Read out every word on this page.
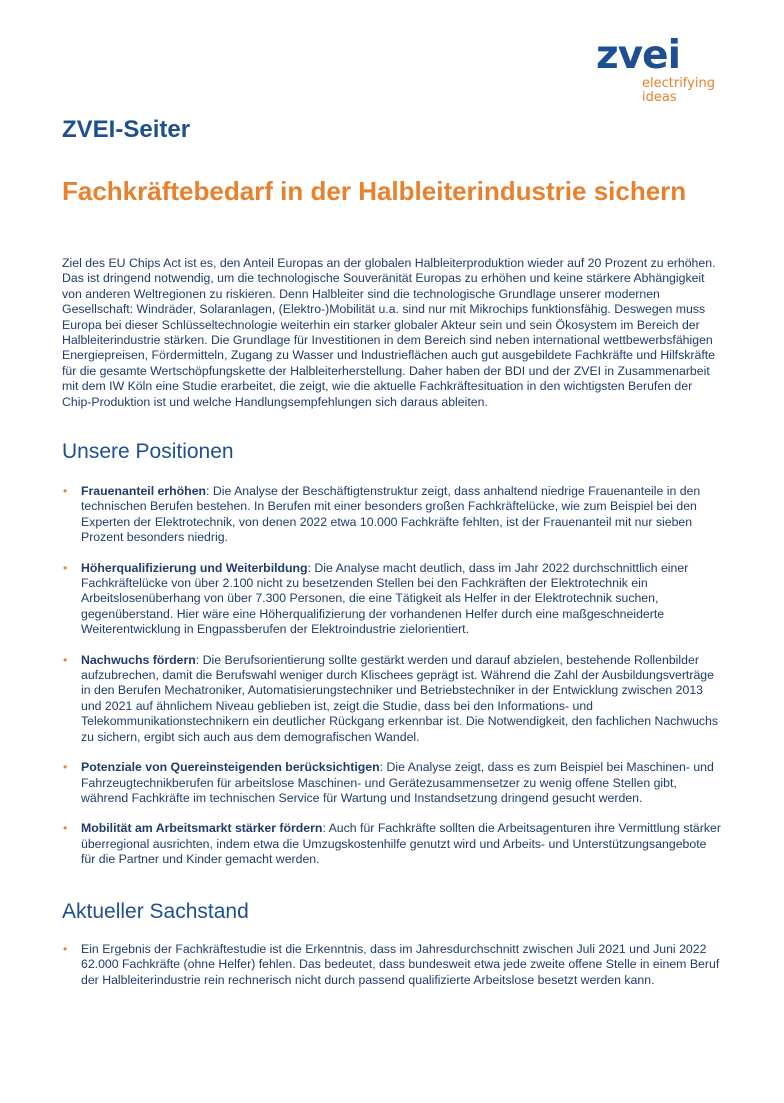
zvei
electrifying
ideas
ZVEI-Seiter
Fachkräftebedarf in der Halbleiterindustrie sichern

Ziel des EU Chips Act ist es, den Anteil Europas an der globalen Halbleiterproduktion wieder auf 20 Prozent zu erhöhen. Das ist dringend notwendig, um die technologische Souveränität Europas zu erhöhen und keine stärkere Abhängigkeit von anderen Weltregionen zu riskieren. Denn Halbleiter sind die technologische Grundlage unserer modernen Gesellschaft: Windräder, Solaranlagen, (Elektro-)Mobilität u.a. sind nur mit Mikrochips funktionsfähig. Deswegen muss Europa bei dieser Schlüsseltechnologie weiterhin ein starker globaler Akteur sein und sein Ökosystem im Bereich der Halbleiterindustrie stärken. Die Grundlage für Investitionen in dem Bereich sind neben international wettbewerbsfähigen Energiepreisen, Fördermitteln, Zugang zu Wasser und Industrieflächen auch gut ausgebildete Fachkräfte und Hilfskräfte für die gesamte Wertschöpfungskette der Halbleiterherstellung. Daher haben der BDI und der ZVEI in Zusammenarbeit mit dem IW Köln eine Studie erarbeitet, die zeigt, wie die aktuelle Fachkräftesituation in den wichtigsten Berufen der Chip-Produktion ist und welche Handlungsempfehlungen sich daraus ableiten.

Unsere Positionen
• Frauenanteil erhöhen: Die Analyse der Beschäftigtenstruktur zeigt, dass anhaltend niedrige Frauenanteile in den technischen Berufen bestehen. In Berufen mit einer besonders großen Fachkräftelücke, wie zum Beispiel bei den Experten der Elektrotechnik, von denen 2022 etwa 10.000 Fachkräfte fehlten, ist der Frauenanteil mit nur sieben Prozent besonders niedrig.
• Höherqualifizierung und Weiterbildung: Die Analyse macht deutlich, dass im Jahr 2022 durchschnittlich einer Fachkräftelücke von über 2.100 nicht zu besetzenden Stellen bei den Fachkräften der Elektrotechnik ein Arbeitslosenüberhang von über 7.300 Personen, die eine Tätigkeit als Helfer in der Elektrotechnik suchen, gegenüberstand. Hier wäre eine Höherqualifizierung der vorhandenen Helfer durch eine maßgeschneiderte Weiterentwicklung in Engpassberufen der Elektroindustrie zielorientiert.
• Nachwuchs fördern: Die Berufsorientierung sollte gestärkt werden und darauf abzielen, bestehende Rollenbilder aufzubrechen, damit die Berufswahl weniger durch Klischees geprägt ist. Während die Zahl der Ausbildungsverträge in den Berufen Mechatroniker, Automatisierungstechniker und Betriebstechniker in der Entwicklung zwischen 2013 und 2021 auf ähnlichem Niveau geblieben ist, zeigt die Studie, dass bei den Informations- und Telekommunikationstechnikern ein deutlicher Rückgang erkennbar ist. Die Notwendigkeit, den fachlichen Nachwuchs zu sichern, ergibt sich auch aus dem demografischen Wandel.
• Potenziale von Quereinsteigenden berücksichtigen: Die Analyse zeigt, dass es zum Beispiel bei Maschinen- und Fahrzeugtechnikberufen für arbeitslose Maschinen- und Gerätezusammensetzer zu wenig offene Stellen gibt, während Fachkräfte im technischen Service für Wartung und Instandsetzung dringend gesucht werden.
• Mobilität am Arbeitsmarkt stärker fördern: Auch für Fachkräfte sollten die Arbeitsagenturen ihre Vermittlung stärker überregional ausrichten, indem etwa die Umzugskostenhilfe genutzt wird und Arbeits- und Unterstützungsangebote für die Partner und Kinder gemacht werden.
Aktueller Sachstand
• Ein Ergebnis der Fachkräftestudie ist die Erkenntnis, dass im Jahresdurchschnitt zwischen Juli 2021 und Juni 2022 62.000 Fachkräfte (ohne Helfer) fehlen. Das bedeutet, dass bundesweit etwa jede zweite offene Stelle in einem Beruf der Halbleiterindustrie rein rechnerisch nicht durch passend qualifizierte Arbeitslose besetzt werden kann.
